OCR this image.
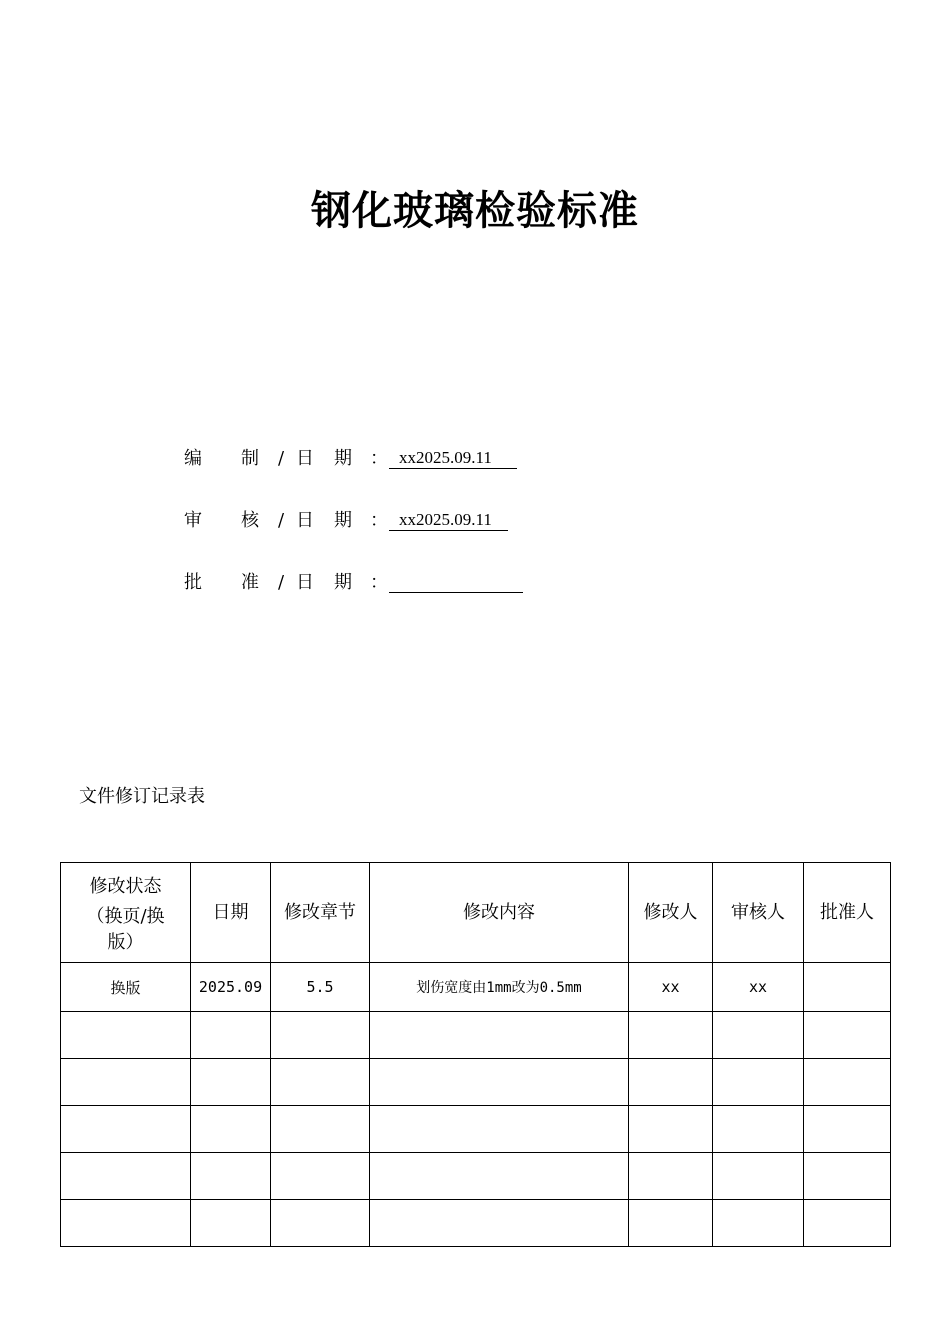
钢化玻璃检验标准
编 制 / 日 期 ： xx2025.09.11
审 核 / 日 期 ： xx2025.09.11
批 准 / 日 期 ：
文件修订记录表
修改状态
（换页/换
版）	日期	修改章节	修改内容	修改人	审核人	批准人
换版	2025.09	5.5	划伤宽度由1mm改为0.5mm	xx	xx	
